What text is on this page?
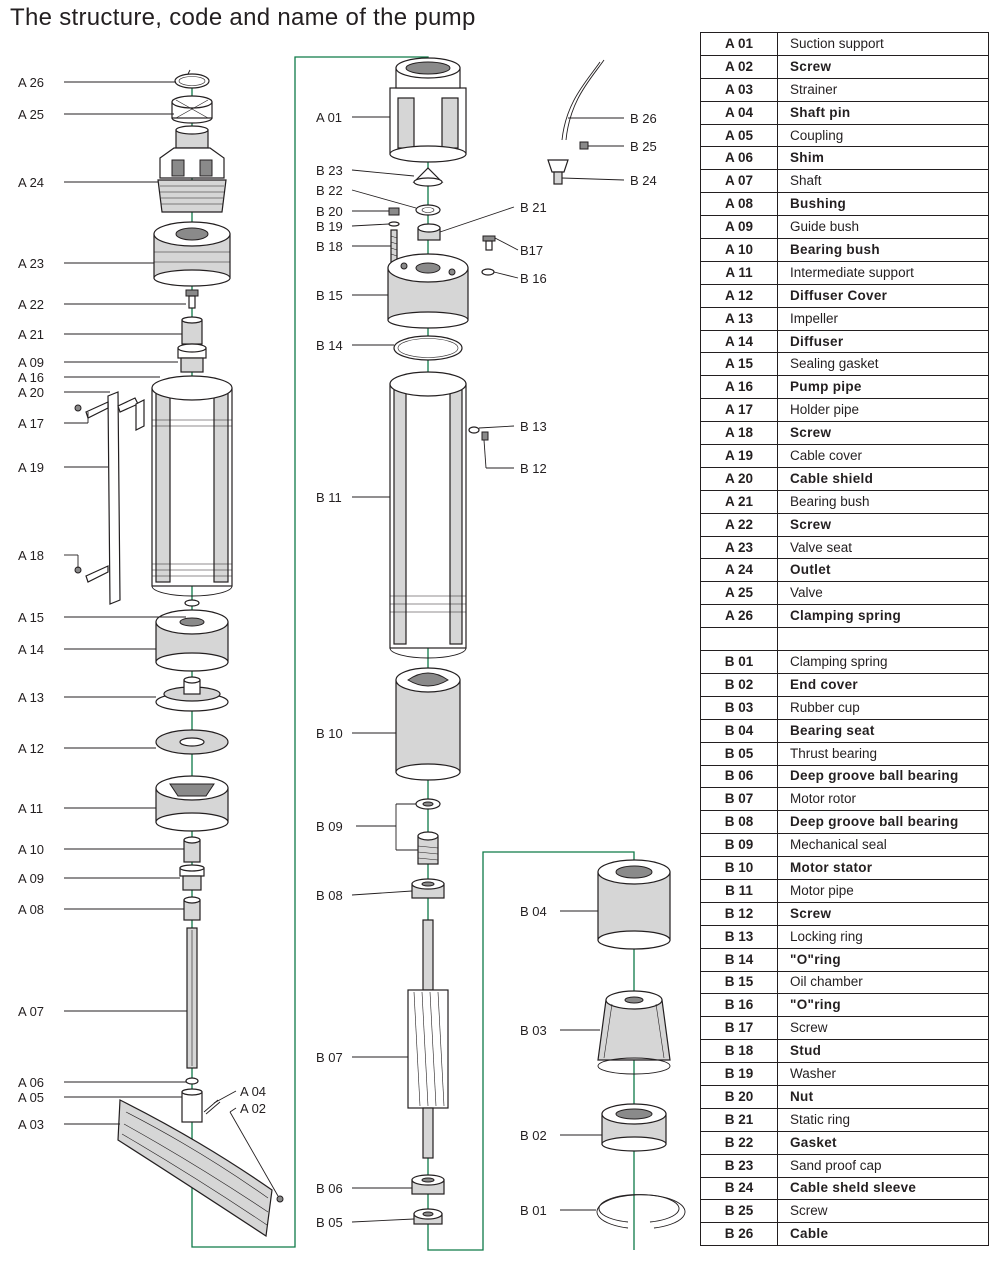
The structure, code and name of the pump
A 26
A 25
A 24
A 23
A 22
A 21
A 09
A 16
A 20
A 17
A 19
A 18
A 15
A 14
A 13
A 12
A 11
A 10
A 09
A 08
A 07
A 06
A 05
A 03
A 04
A 02
A 01
B 23
B 22
B 20
B 19
B 18
B 21
B17
B 16
B 15
B 14
B 13
B 12
B 11
B 10
B 09
B 08
B 07
B 06
B 05
B 26
B 25
B 24
B 04
B 03
B 02
B 01
A 01	Suction support
A 02	Screw
A 03	Strainer
A 04	Shaft pin
A 05	Coupling
A 06	Shim
A 07	Shaft
A 08	Bushing
A 09	Guide bush
A 10	Bearing bush
A 11	Intermediate support
A 12	Diffuser Cover
A 13	Impeller
A 14	Diffuser
A 15	Sealing gasket
A 16	Pump pipe
A 17	Holder pipe
A 18	Screw
A 19	Cable cover
A 20	Cable shield
A 21	Bearing bush
A 22	Screw
A 23	Valve seat
A 24	Outlet
A 25	Valve
A 26	Clamping spring

B 01	Clamping spring
B 02	End cover
B 03	Rubber cup
B 04	Bearing seat
B 05	Thrust bearing
B 06	Deep groove ball bearing
B 07	Motor rotor
B 08	Deep groove ball bearing
B 09	Mechanical seal
B 10	Motor stator
B 11	Motor pipe
B 12	Screw
B 13	Locking ring
B 14	"O"ring
B 15	Oil chamber
B 16	"O"ring
B 17	Screw
B 18	Stud
B 19	Washer
B 20	Nut
B 21	Static ring
B 22	Gasket
B 23	Sand proof cap
B 24	Cable sheld sleeve
B 25	Screw
B 26	Cable
